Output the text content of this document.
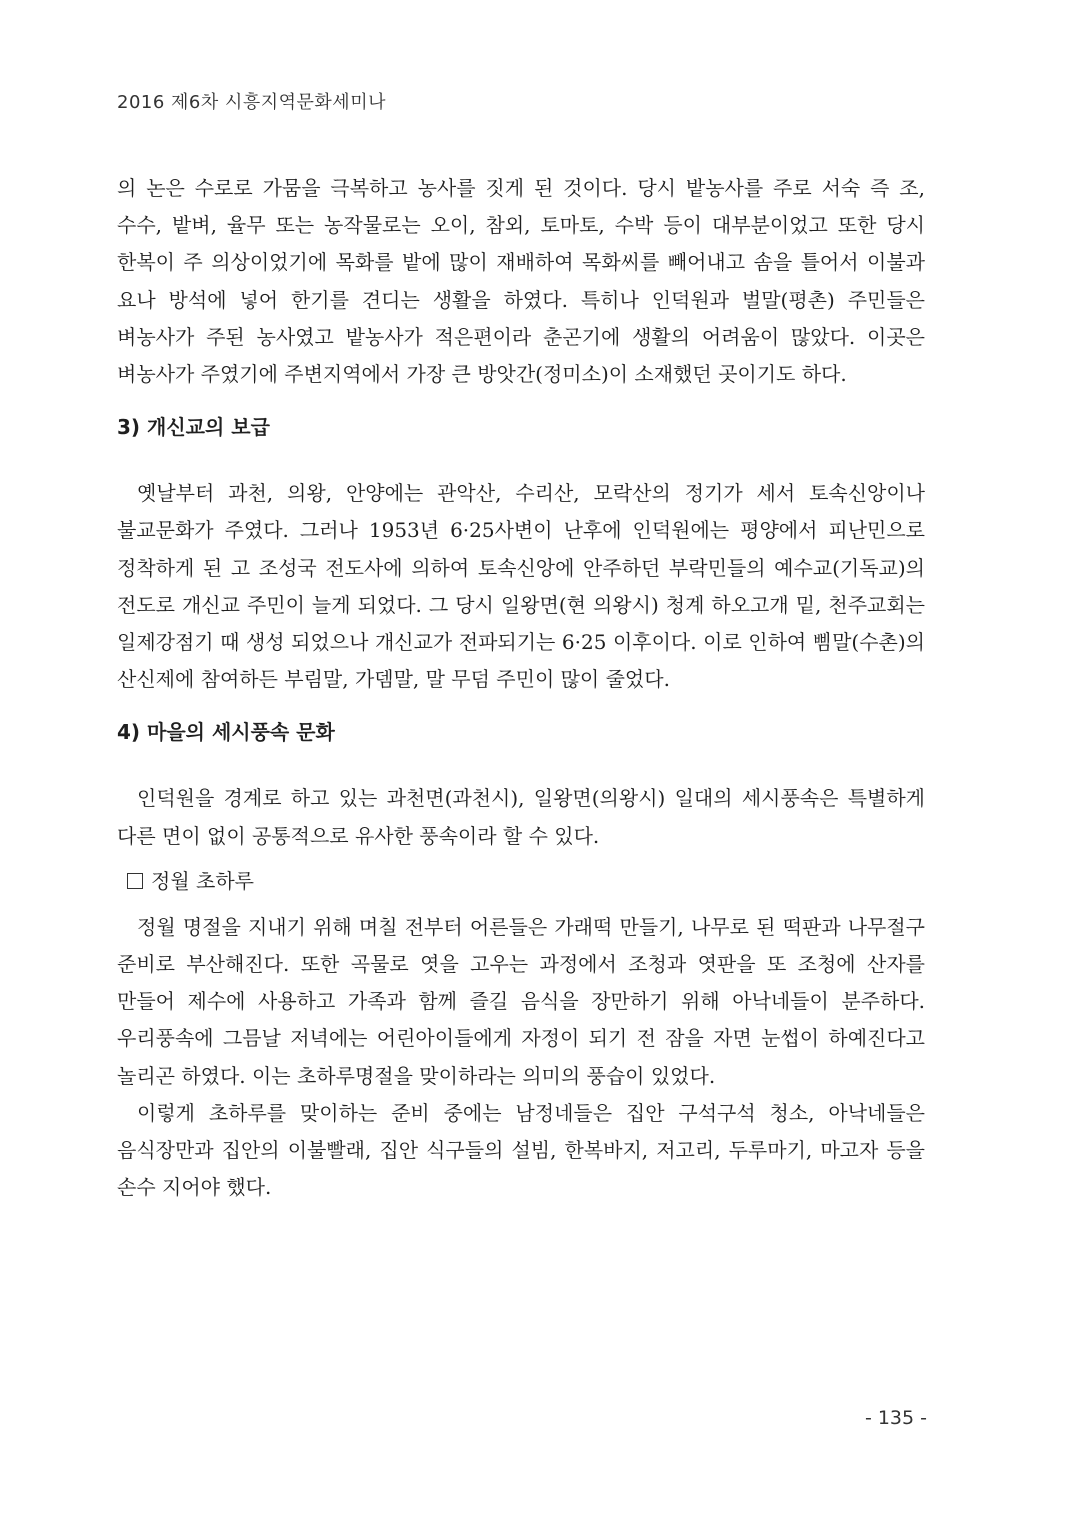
2016 제6차 시흥지역문화세미나

의 논은 수로로 가뭄을 극복하고 농사를 짓게 된 것이다. 당시 밭농사를 주로 서숙 즉 조, 수수, 밭벼, 율무 또는 농작물로는 오이, 참외, 토마토, 수박 등이 대부분이었고 또한 당시 한복이 주 의상이었기에 목화를 밭에 많이 재배하여 목화씨를 빼어내고 솜을 틀어서 이불과 요나 방석에 넣어 한기를 견디는 생활을 하였다. 특히나 인덕원과 벌말(평촌) 주민들은 벼농사가 주된 농사였고 밭농사가 적은편이라 춘곤기에 생활의 어려움이 많았다. 이곳은 벼농사가 주였기에 주변지역에서 가장 큰 방앗간(정미소)이 소재했던 곳이기도 하다.

3) 개신교의 보급

옛날부터 과천, 의왕, 안양에는 관악산, 수리산, 모락산의 정기가 세서 토속신앙이나 불교문화가 주였다. 그러나 1953년 6·25사변이 난후에 인덕원에는 평양에서 피난민으로 정착하게 된 고 조성국 전도사에 의하여 토속신앙에 안주하던 부락민들의 예수교(기독교)의 전도로 개신교 주민이 늘게 되었다. 그 당시 일왕면(현 의왕시) 청계 하오고개 밑, 천주교회는 일제강점기 때 생성 되었으나 개신교가 전파되기는 6·25 이후이다. 이로 인하여 삠말(수촌)의 산신제에 참여하든 부림말, 가뎀말, 말 무덤 주민이 많이 줄었다.

4) 마을의 세시풍속 문화

인덕원을 경계로 하고 있는 과천면(과천시), 일왕면(의왕시) 일대의 세시풍속은 특별하게 다른 면이 없이 공통적으로 유사한 풍속이라 할 수 있다.

정월 초하루

정월 명절을 지내기 위해 며칠 전부터 어른들은 가래떡 만들기, 나무로 된 떡판과 나무절구 준비로 부산해진다. 또한 곡물로 엿을 고우는 과정에서 조청과 엿판을 또 조청에 산자를 만들어 제수에 사용하고 가족과 함께 즐길 음식을 장만하기 위해 아낙네들이 분주하다. 우리풍속에 그믐날 저녁에는 어린아이들에게 자정이 되기 전 잠을 자면 눈썹이 하예진다고 놀리곤 하였다. 이는 초하루명절을 맞이하라는 의미의 풍습이 있었다.

이렇게 초하루를 맞이하는 준비 중에는 남정네들은 집안 구석구석 청소, 아낙네들은 음식장만과 집안의 이불빨래, 집안 식구들의 설빔, 한복바지, 저고리, 두루마기, 마고자 등을 손수 지어야 했다.

- 135 -
